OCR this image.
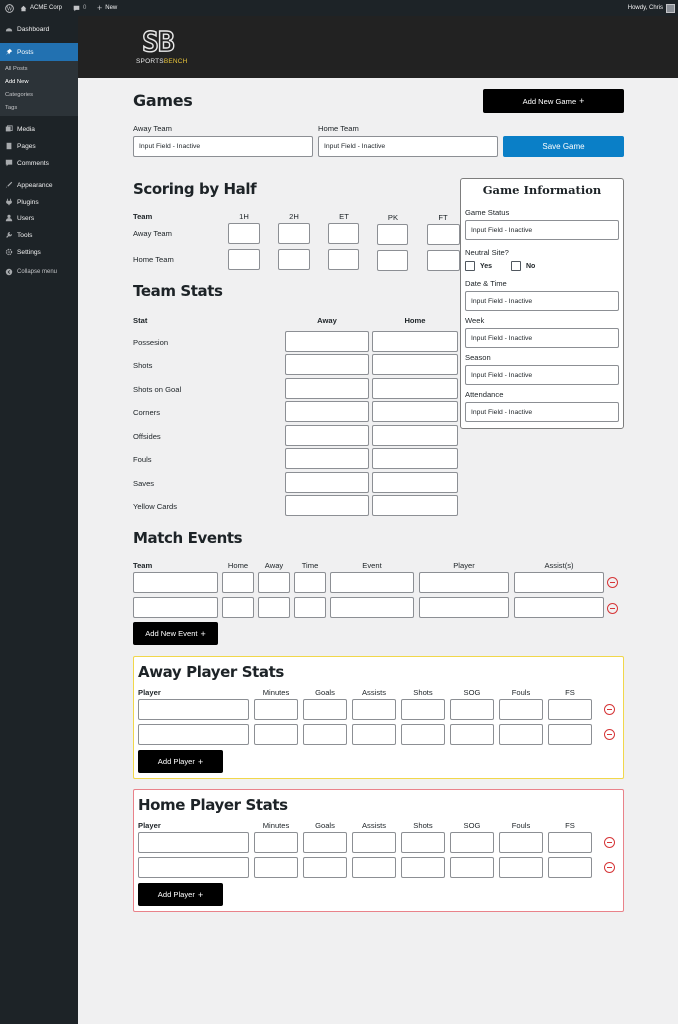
W	ACME Corp	0 + New	Howdy, Chris
Dashboard
Posts
All Posts
Add New
Categories
Tags
Media
Pages
Comments
Appearance
Plugins
Users
Tools
Settings
Collapse menu
SB
SPORTSBENCH
Games	Add New Game +
Away Team	Home Team
Input Field - Inactive	Input Field - Inactive	Save Game
Scoring by Half
Team	1H	2H	ET	PK	FT
Away Team
Home Team
Game Information
Game Status
Input Field - Inactive
Neutral Site?
Yes	No
Date & Time
Input Field - Inactive
Week
Input Field - Inactive
Season
Input Field - Inactive
Attendance
Input Field - Inactive
Team Stats
Stat	Away	Home
Possesion
Shots
Shots on Goal
Corners
Offsides
Fouls
Saves
Yellow Cards
Match Events
Team	Home	Away	Time	Event	Player	Assist(s)
Add New Event +
Away Player Stats
Player	Minutes	Goals	Assists	Shots	SOG	Fouls	FS
Add Player +
Home Player Stats
Player	Minutes	Goals	Assists	Shots	SOG	Fouls	FS
Add Player +
